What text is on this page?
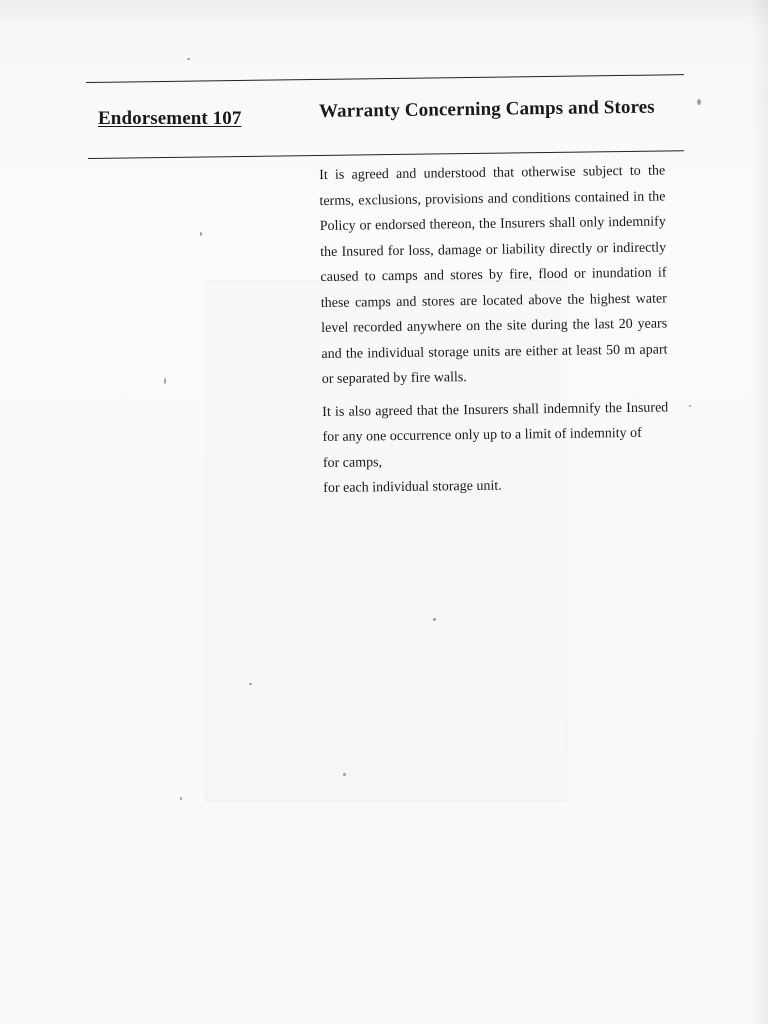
Endorsement 107	Warranty Concerning Camps and Stores

It is agreed and understood that otherwise subject to the terms, exclusions, provisions and conditions contained in the Policy or endorsed thereon, the Insurers shall only indemnify the Insured for loss, damage or liability directly or indirectly caused to camps and stores by fire, flood or inundation if these camps and stores are located above the highest water level recorded anywhere on the site during the last 20 years and the individual storage units are either at least 50 m apart or separated by fire walls.

It is also agreed that the Insurers shall indemnify the Insured for any one occurrence only up to a limit of indemnity of

for camps,
for each individual storage unit.
